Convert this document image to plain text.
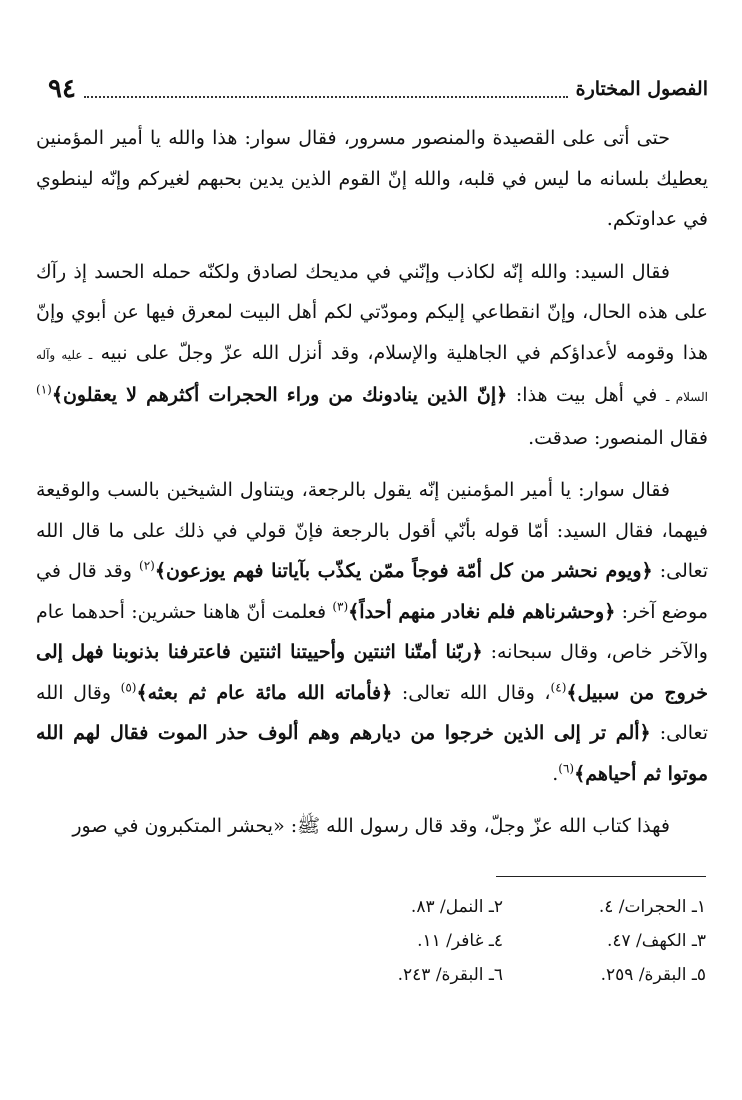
٩٤	الفصول المختارة

حتى أتى على القصيدة والمنصور مسرور، فقال سوار: هذا والله يا أمير المؤمنين يعطيك بلسانه ما ليس في قلبه، والله إنّ القوم الذين يدين بحبهم لغيركم وإنّه لينطوي في عداوتكم.

فقال السيد: والله إنّه لكاذب وإنّني في مديحك لصادق ولكنّه حمله الحسد إذ رآك على هذه الحال، وإنّ انقطاعي إليكم ومودّتي لكم أهل البيت لمعرق فيها عن أبوي وإنّ هذا وقومه لأعداؤكم في الجاهلية والإسلام، وقد أنزل الله عزّ وجلّ على نبيه ـ عليه وآله السلام ـ في أهل بيت هذا: ﴿إنّ الذين ينادونك من وراء الحجرات أكثرهم لا يعقلون﴾$^{(١)}$ فقال المنصور: صدقت.

فقال سوار: يا أمير المؤمنين إنّه يقول بالرجعة، ويتناول الشيخين بالسب والوقيعة فيهما، فقال السيد: أمّا قوله بأنّي أقول بالرجعة فإنّ قولي في ذلك على ما قال الله تعالى: ﴿ويوم نحشر من كل أمّة فوجاً ممّن يكذّب بآياتنا فهم يوزعون﴾$^{(٢)}$ وقد قال في موضع آخر: ﴿وحشرناهم فلم نغادر منهم أحداً﴾$^{(٣)}$ فعلمت أنّ هاهنا حشرين: أحدهما عام والآخر خاص، وقال سبحانه: ﴿ربّنا أمتّنا اثنتين وأحييتنا اثنتين فاعترفنا بذنوبنا فهل إلى خروج من سبيل﴾$^{(٤)}$، وقال الله تعالى: ﴿فأماته الله مائة عام ثم بعثه﴾$^{(٥)}$ وقال الله تعالى: ﴿ألم تر إلى الذين خرجوا من ديارهم وهم ألوف حذر الموت فقال لهم الله موتوا ثم أحياهم﴾$^{(٦)}$.

فهذا كتاب الله عزّ وجلّ، وقد قال رسول الله ﷺ: «يحشر المتكبرون في صور

١ـ الحجرات/ ٤.
٢ـ النمل/ ٨٣.
٣ـ الكهف/ ٤٧.
٤ـ غافر/ ١١.
٥ـ البقرة/ ٢٥٩.
٦ـ البقرة/ ٢٤٣.
